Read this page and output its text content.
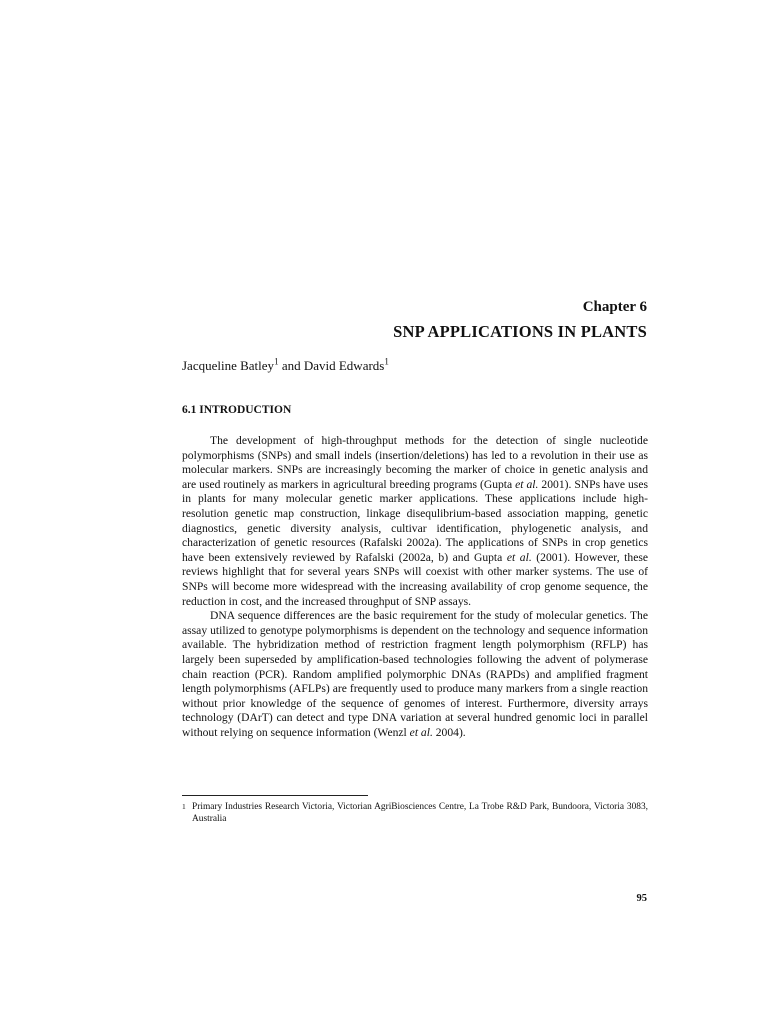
Chapter 6
SNP APPLICATIONS IN PLANTS
Jacqueline Batley$^1$ and David Edwards$^1$
6.1 INTRODUCTION

The development of high-throughput methods for the detection of single nucleotide polymorphisms (SNPs) and small indels (insertion/deletions) has led to a revolution in their use as molecular markers. SNPs are increasingly becoming the marker of choice in genetic analysis and are used routinely as markers in agricultural breeding programs (Gupta et al. 2001). SNPs have uses in plants for many molecular genetic marker applications. These applications include high-resolution genetic map construction, linkage disequlibrium-based association mapping, genetic diagnostics, genetic diversity analysis, cultivar identification, phylogenetic analysis, and characterization of genetic resources (Rafalski 2002a). The applications of SNPs in crop genetics have been extensively reviewed by Rafalski (2002a, b) and Gupta et al. (2001). However, these reviews highlight that for several years SNPs will coexist with other marker systems. The use of SNPs will become more widespread with the increasing availability of crop genome sequence, the reduction in cost, and the increased throughput of SNP assays.

DNA sequence differences are the basic requirement for the study of molecular genetics. The assay utilized to genotype polymorphisms is dependent on the technology and sequence information available. The hybridization method of restriction fragment length polymorphism (RFLP) has largely been superseded by amplification-based technologies following the advent of polymerase chain reaction (PCR). Random amplified polymorphic DNAs (RAPDs) and amplified fragment length polymorphisms (AFLPs) are frequently used to produce many markers from a single reaction without prior knowledge of the sequence of genomes of interest. Furthermore, diversity arrays technology (DArT) can detect and type DNA variation at several hundred genomic loci in parallel without relying on sequence information (Wenzl et al. 2004).

1 Primary Industries Research Victoria, Victorian AgriBiosciences Centre, La Trobe R&D Park, Bundoora, Victoria 3083, Australia
95
